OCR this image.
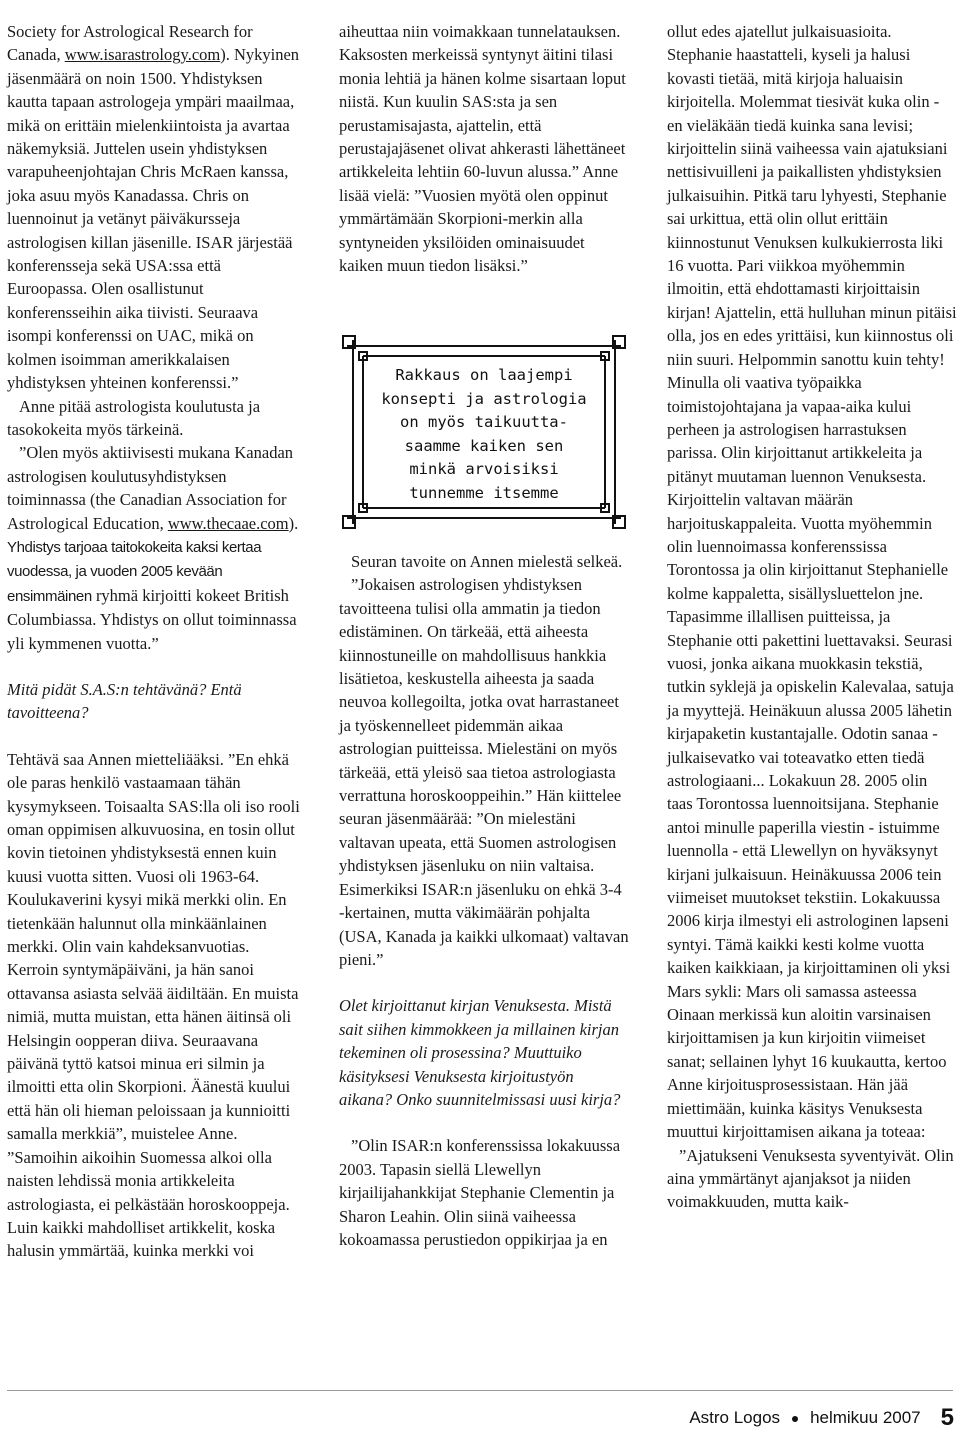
Society for Astrological Research for Canada, www.isarastrology.com). Nykyinen jäsenmäärä on noin 1500. Yhdistyksen kautta tapaan astrologeja ympäri maailmaa, mikä on erittäin mielenkiintoista ja avartaa näkemyksiä. Juttelen usein yhdistyksen varapuheenjohtajan Chris McRaen kanssa, joka asuu myös Kanadassa. Chris on luennoinut ja vetänyt päiväkursseja astrologisen killan jäsenille. ISAR järjestää konferensseja sekä USA:ssa että Euroopassa. Olen osallistunut konferensseihin aika tiivisti. Seuraava isompi konferenssi on UAC, mikä on kolmen isoimman amerikkalaisen yhdistyksen yhteinen konferenssi.”

Anne pitää astrologista koulutusta ja tasokokeita myös tärkeinä.

”Olen myös aktiivisesti mukana Kanadan astrologisen koulutusyhdistyksen toiminnassa (the Canadian Association for Astrological Education, www.thecaae.com). Yhdistys tarjoaa taitokokeita kaksi kertaa vuodessa, ja vuoden 2005 kevään ensimmäinen ryhmä kirjoitti kokeet British Columbiassa. Yhdistys on ollut toiminnassa yli kymmenen vuotta.”

Mitä pidät S.A.S:n tehtävänä? Entä tavoitteena?

Tehtävä saa Annen mietteliääksi. ”En ehkä ole paras henkilö vastaamaan tähän kysymykseen. Toisaalta SAS:lla oli iso rooli oman oppimisen alkuvuosina, en tosin ollut kovin tietoinen yhdistyksestä ennen kuin kuusi vuotta sitten. Vuosi oli 1963-64. Koulukaverini kysyi mikä merkki olin. En tietenkään halunnut olla minkäänlainen merkki. Olin vain kahdeksanvuotias. Kerroin syntymäpäiväni, ja hän sanoi ottavansa asiasta selvää äidiltään. En muista nimiä, mutta muistan, etta hänen äitinsä oli Helsingin oopperan diiva. Seuraavana päivänä tyttö katsoi minua eri silmin ja ilmoitti etta olin Skorpioni. Äänestä kuului että hän oli hieman peloissaan ja kunnioitti samalla merkkiä”, muistelee Anne. ”Samoihin aikoihin Suomessa alkoi olla naisten lehdissä monia artikkeleita astrologiasta, ei pelkästään horoskooppeja. Luin kaikki mahdolliset artikkelit, koska halusin ymmärtää, kuinka merkki voi

aiheuttaa niin voimakkaan tunnelatauksen. Kaksosten merkeissä syntynyt äitini tilasi monia lehtiä ja hänen kolme sisartaan loput niistä. Kun kuulin SAS:sta ja sen perustamisajasta, ajattelin, että perustajajäsenet olivat ahkerasti lähettäneet artikkeleita lehtiin 60-luvun alussa.” Anne lisää vielä: ”Vuosien myötä olen oppinut ymmärtämään Skorpioni-merkin alla syntyneiden yksilöiden ominaisuudet kaiken muun tiedon lisäksi.”

Rakkaus on laajempi konsepti ja astrologia on myös taikuutta-saamme kaiken sen minkä arvoisiksi tunnemme itsemme

Seuran tavoite on Annen mielestä selkeä.

”Jokaisen astrologisen yhdistyksen tavoitteena tulisi olla ammatin ja tiedon edistäminen. On tärkeää, että aiheesta kiinnostuneille on mahdollisuus hankkia lisätietoa, keskustella aiheesta ja saada neuvoa kollegoilta, jotka ovat harrastaneet ja työskennelleet pidemmän aikaa astrologian puitteissa. Mielestäni on myös tärkeää, että yleisö saa tietoa astrologiasta verrattuna horoskooppeihin.” Hän kiittelee seuran jäsenmäärää: ”On mielestäni valtavan upeata, että Suomen astrologisen yhdistyksen jäsenluku on niin valtaisa. Esimerkiksi ISAR:n jäsenluku on ehkä 3-4 -kertainen, mutta väkimäärän pohjalta (USA, Kanada ja kaikki ulkomaat) valtavan pieni.”

Olet kirjoittanut kirjan Venuksesta. Mistä sait siihen kimmokkeen ja millainen kirjan tekeminen oli prosessina? Muuttuiko käsityksesi Venuksesta kirjoitustyön aikana? Onko suunnitelmissasi uusi kirja?

”Olin ISAR:n konferenssissa lokakuussa 2003. Tapasin siellä Llewellyn kirjailijahankkijat Stephanie Clementin ja Sharon Leahin. Olin siinä vaiheessa kokoamassa perustiedon oppikirjaa ja en

ollut edes ajatellut julkaisuasioita. Stephanie haastatteli, kyseli ja halusi kovasti tietää, mitä kirjoja haluaisin kirjoitella. Molemmat tiesivät kuka olin - en vieläkään tiedä kuinka sana levisi; kirjoittelin siinä vaiheessa vain ajatuksiani nettisivuilleni ja paikallisten yhdistyksien julkaisuihin. Pitkä taru lyhyesti, Stephanie sai urkittua, että olin ollut erittäin kiinnostunut Venuksen kulkukierrosta liki 16 vuotta. Pari viikkoa myöhemmin ilmoitin, että ehdottamasti kirjoittaisin kirjan! Ajattelin, että hulluhan minun pitäisi olla, jos en edes yrittäisi, kun kiinnostus oli niin suuri. Helpommin sanottu kuin tehty! Minulla oli vaativa työpaikka toimistojohtajana ja vapaa-aika kului perheen ja astrologisen harrastuksen parissa. Olin kirjoittanut artikkeleita ja pitänyt muutaman luennon Venuksesta. Kirjoittelin valtavan määrän harjoituskappaleita. Vuotta myöhemmin olin luennoimassa konferenssissa Torontossa ja olin kirjoittanut Stephanielle kolme kappaletta, sisällysluettelon jne. Tapasimme illallisen puitteissa, ja Stephanie otti pakettini luettavaksi. Seurasi vuosi, jonka aikana muokkasin tekstiä, tutkin syklejä ja opiskelin Kalevalaa, satuja ja myyttejä. Heinäkuun alussa 2005 lähetin kirjapaketin kustantajalle. Odotin sanaa - julkaisevatko vai toteavatko etten tiedä astrologiaani... Lokakuun 28. 2005 olin taas Torontossa luennoitsijana. Stephanie antoi minulle paperilla viestin - istuimme luennolla - että Llewellyn on hyväksynyt kirjani julkaisuun. Heinäkuussa 2006 tein viimeiset muutokset tekstiin. Lokakuussa 2006 kirja ilmestyi eli astrologinen lapseni syntyi. Tämä kaikki kesti kolme vuotta kaiken kaikkiaan, ja kirjoittaminen oli yksi Mars sykli: Mars oli samassa asteessa Oinaan merkissä kun aloitin varsinaisen kirjoittamisen ja kun kirjoitin viimeiset sanat; sellainen lyhyt 16 kuukautta, kertoo Anne kirjoitusprosessistaan. Hän jää miettimään, kuinka käsitys Venuksesta muuttui kirjoittamisen aikana ja toteaa:

”Ajatukseni Venuksesta syventyivät. Olin aina ymmärtänyt ajanjaksot ja niiden voimakkuuden, mutta kaik-

Astro Logos helmikuu 2007 5
